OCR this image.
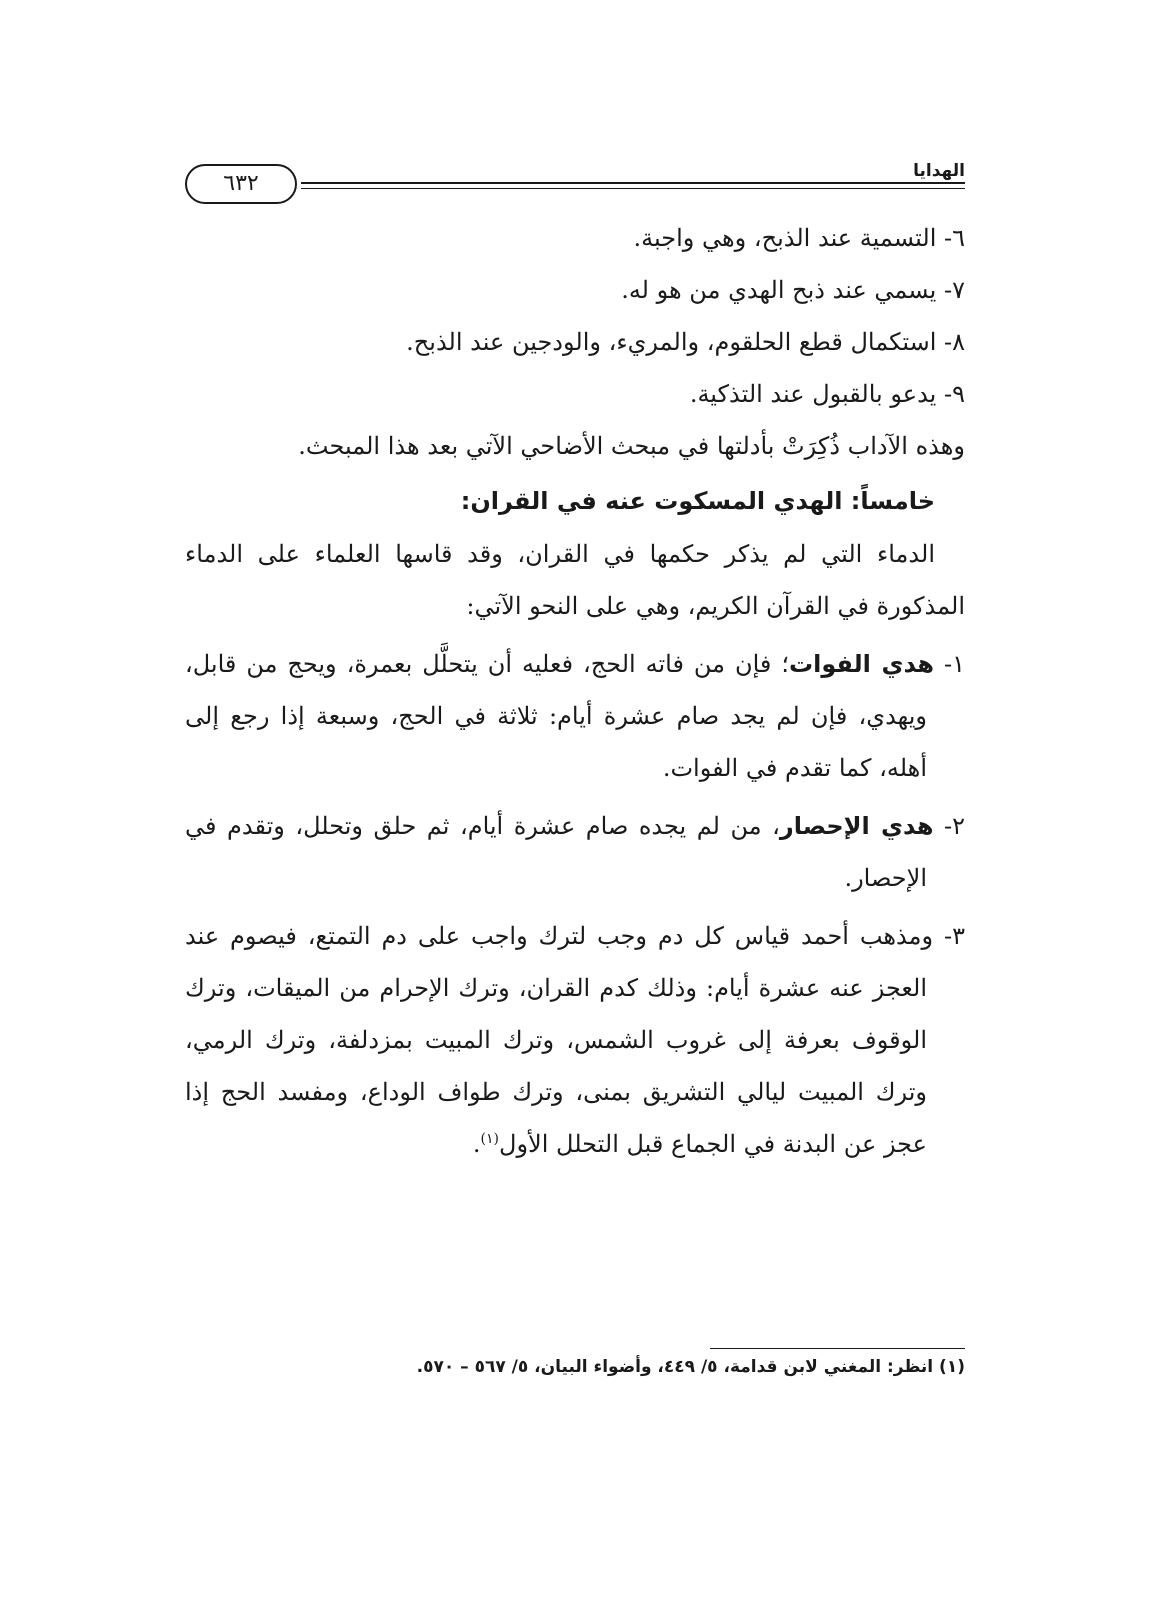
الهدايا
٦٣٢

٦- التسمية عند الذبح، وهي واجبة.

٧- يسمي عند ذبح الهدي من هو له.

٨- استكمال قطع الحلقوم، والمريء، والودجين عند الذبح.

٩- يدعو بالقبول عند التذكية.

وهذه الآداب ذُكِرَتْ بأدلتها في مبحث الأضاحي الآتي بعد هذا المبحث.

خامساً: الهدي المسكوت عنه في القران:

الدماء التي لم يذكر حكمها في القران، وقد قاسها العلماء على الدماء المذكورة في القرآن الكريم، وهي على النحو الآتي:

١- هدي الفوات؛ فإن من فاته الحج، فعليه أن يتحلَّل بعمرة، ويحج من قابل، ويهدي، فإن لم يجد صام عشرة أيام: ثلاثة في الحج، وسبعة إذا رجع إلى أهله، كما تقدم في الفوات.

٢- هدي الإحصار، من لم يجده صام عشرة أيام، ثم حلق وتحلل، وتقدم في الإحصار.

٣- ومذهب أحمد قياس كل دم وجب لترك واجب على دم التمتع، فيصوم عند العجز عنه عشرة أيام: وذلك كدم القران، وترك الإحرام من الميقات، وترك الوقوف بعرفة إلى غروب الشمس، وترك المبيت بمزدلفة، وترك الرمي، وترك المبيت ليالي التشريق بمنى، وترك طواف الوداع، ومفسد الحج إذا عجز عن البدنة في الجماع قبل التحلل الأول$^{(١)}$.

(١) انظر: المغني لابن قدامة، ٥/ ٤٤٩، وأضواء البيان، ٥/ ٥٦٧ – ٥٧٠.
